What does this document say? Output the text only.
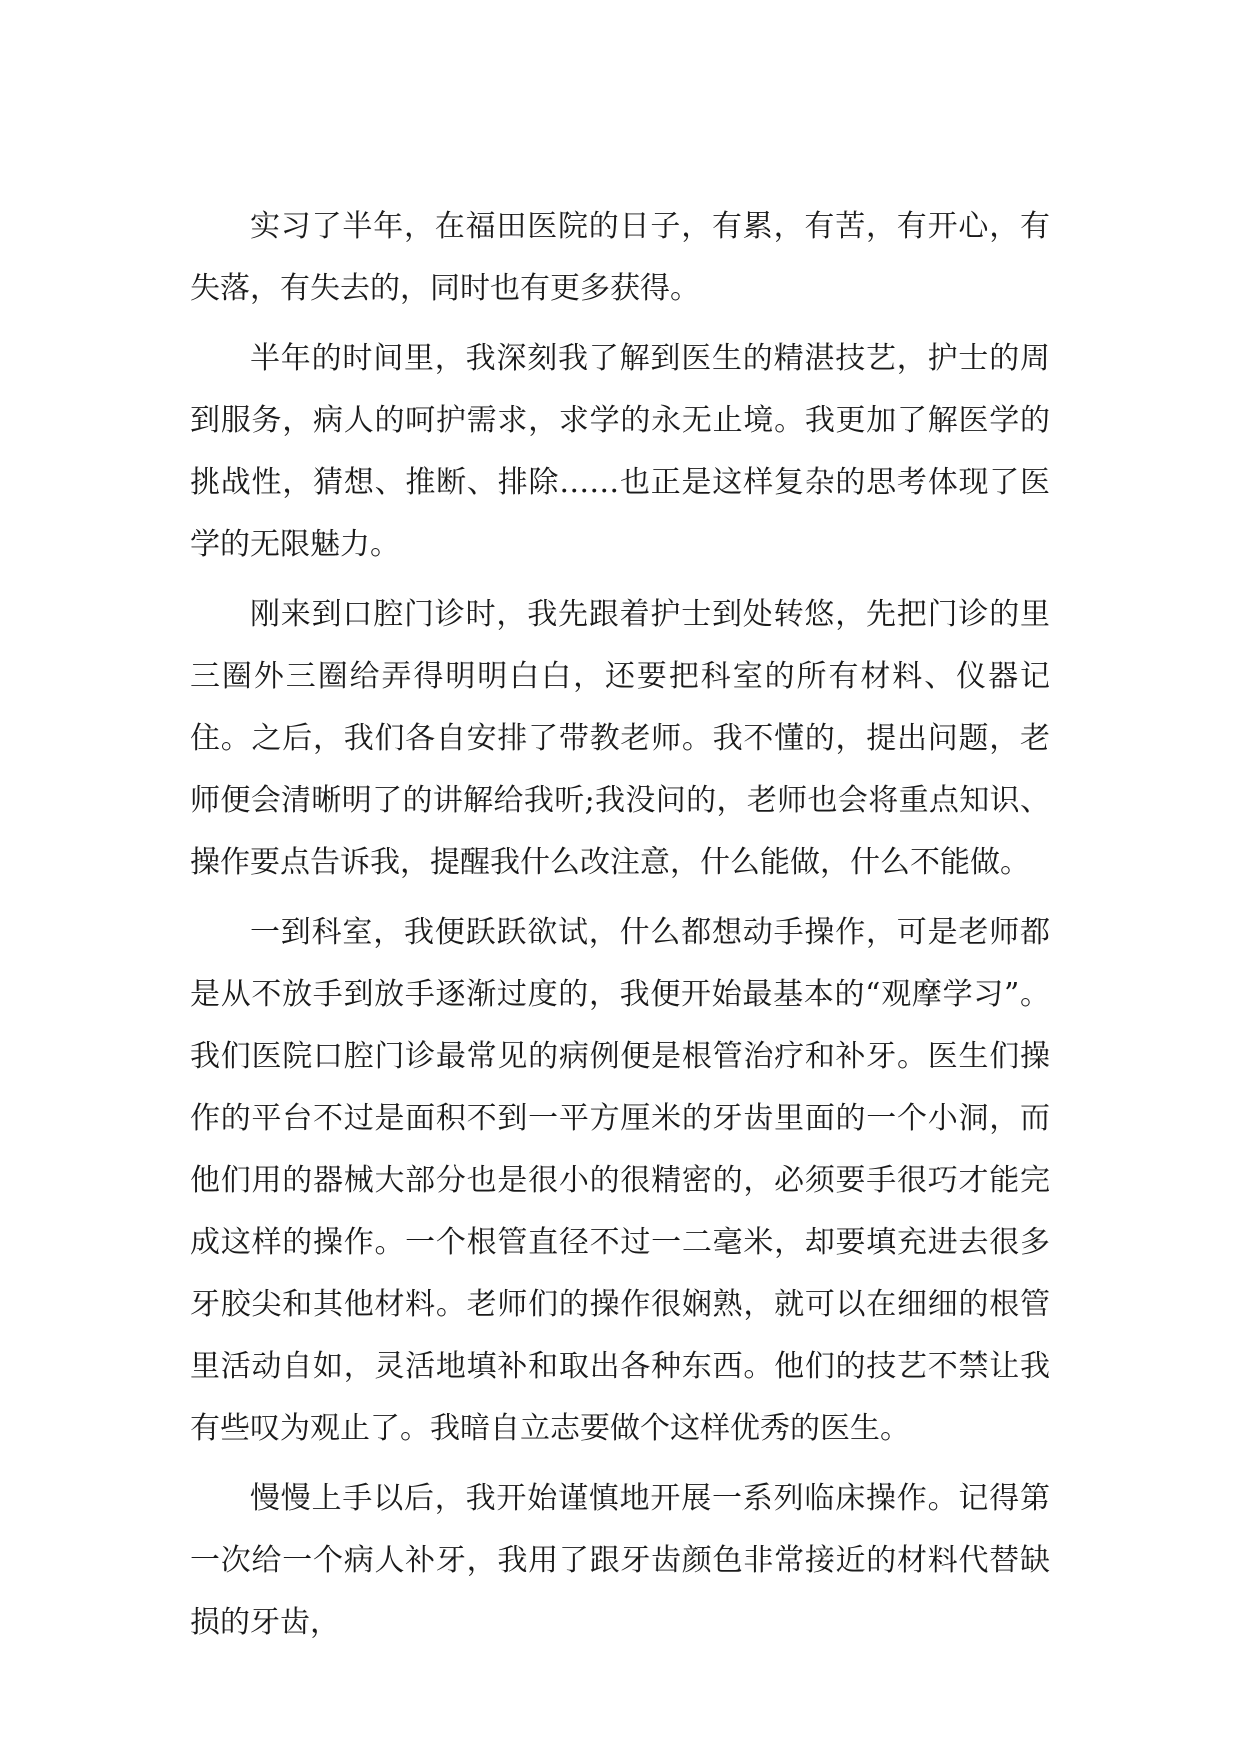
实习了半年，在福田医院的日子，有累，有苦，有开心，有失落，有失去的，同时也有更多获得。

半年的时间里，我深刻我了解到医生的精湛技艺，护士的周到服务，病人的呵护需求，求学的永无止境。我更加了解医学的挑战性，猜想、推断、排除……也正是这样复杂的思考体现了医学的无限魅力。

刚来到口腔门诊时，我先跟着护士到处转悠，先把门诊的里三圈外三圈给弄得明明白白，还要把科室的所有材料、仪器记住。之后，我们各自安排了带教老师。我不懂的，提出问题，老师便会清晰明了的讲解给我听;我没问的，老师也会将重点知识、操作要点告诉我，提醒我什么改注意，什么能做，什么不能做。

一到科室，我便跃跃欲试，什么都想动手操作，可是老师都是从不放手到放手逐渐过度的，我便开始最基本的“观摩学习”。我们医院口腔门诊最常见的病例便是根管治疗和补牙。医生们操作的平台不过是面积不到一平方厘米的牙齿里面的一个小洞，而他们用的器械大部分也是很小的很精密的，必须要手很巧才能完成这样的操作。一个根管直径不过一二毫米，却要填充进去很多牙胶尖和其他材料。老师们的操作很娴熟，就可以在细细的根管里活动自如，灵活地填补和取出各种东西。他们的技艺不禁让我有些叹为观止了。我暗自立志要做个这样优秀的医生。

慢慢上手以后，我开始谨慎地开展一系列临床操作。记得第一次给一个病人补牙，我用了跟牙齿颜色非常接近的材料代替缺损的牙齿，
